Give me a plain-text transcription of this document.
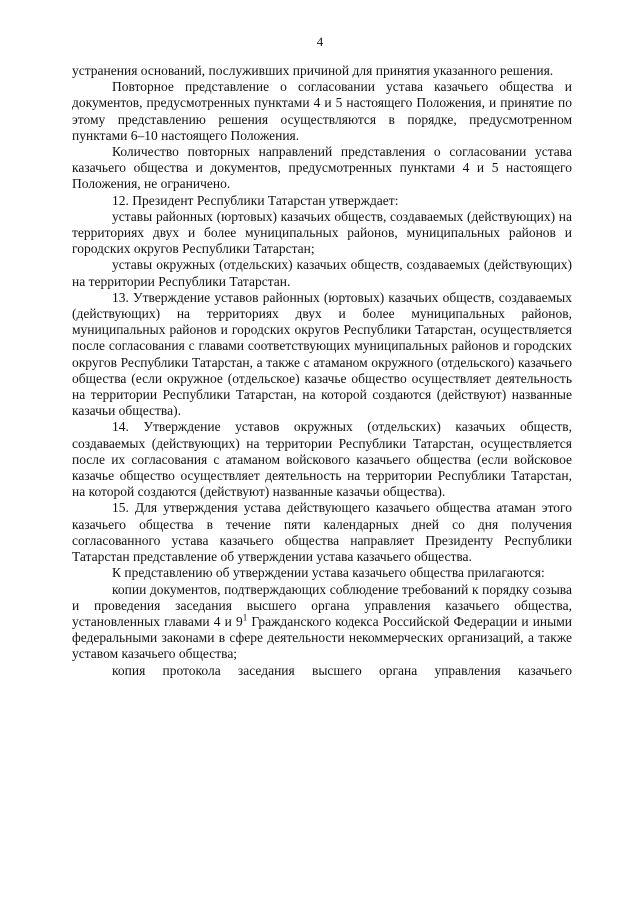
4

устранения оснований, послуживших причиной для принятия указанного решения.

Повторное представление о согласовании устава казачьего общества и документов, предусмотренных пунктами 4 и 5 настоящего Положения, и принятие по этому представлению решения осуществляются в порядке, предусмотренном пунктами 6–10 настоящего Положения.

Количество повторных направлений представления о согласовании устава казачьего общества и документов, предусмотренных пунктами 4 и 5 настоящего Положения, не ограничено.

12. Президент Республики Татарстан утверждает:

уставы районных (юртовых) казачьих обществ, создаваемых (действующих) на территориях двух и более муниципальных районов, муниципальных районов и городских округов Республики Татарстан;

уставы окружных (отдельских) казачьих обществ, создаваемых (действующих) на территории Республики Татарстан.

13. Утверждение уставов районных (юртовых) казачьих обществ, создаваемых (действующих) на территориях двух и более муниципальных районов, муниципальных районов и городских округов Республики Татарстан, осуществляется после согласования с главами соответствующих муниципальных районов и городских округов Республики Татарстан, а также с атаманом окружного (отдельского) казачьего общества (если окружное (отдельское) казачье общество осуществляет деятельность на территории Республики Татарстан, на которой создаются (действуют) названные казачьи общества).

14. Утверждение уставов окружных (отдельских) казачьих обществ, создаваемых (действующих) на территории Республики Татарстан, осуществляется после их согласования с атаманом войскового казачьего общества (если войсковое казачье общество осуществляет деятельность на территории Республики Татарстан, на которой создаются (действуют) названные казачьи общества).

15. Для утверждения устава действующего казачьего общества атаман этого казачьего общества в течение пяти календарных дней со дня получения согласованного устава казачьего общества направляет Президенту Республики Татарстан представление об утверждении устава казачьего общества.

К представлению об утверждении устава казачьего общества прилагаются:

копии документов, подтверждающих соблюдение требований к порядку созыва и проведения заседания высшего органа управления казачьего общества, установленных главами 4 и $9^1$ Гражданского кодекса Российской Федерации и иными федеральными законами в сфере деятельности некоммерческих организаций, а также уставом казачьего общества;

копия протокола заседания высшего органа управления казачьего
